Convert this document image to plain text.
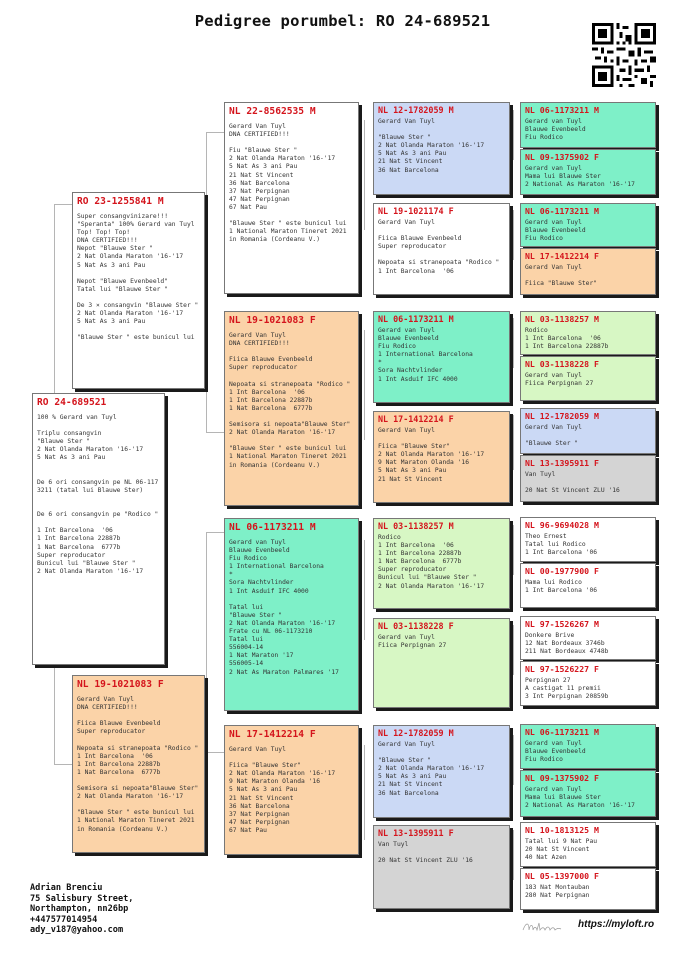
Pedigree porumbel: RO 24-689521
RO 24-689521
100 % Gerard van Tuyl

Triplu consangvin
"Blauwe Ster "
2 Nat Olanda Maraton '16-'17
5 Nat As 3 ani Pau

De 6 ori consangvin pe NL 06-117
3211 (tatal lui Blauwe Ster)

De 6 ori consangvin pe "Rodico "

1 Int Barcelona  '06
1 Int Barcelona 22887b
1 Nat Barcelona  6777b
Super reproducator
Bunicul lui "Blauwe Ster "
2 Nat Olanda Maraton '16-'17
RO 23-1255841 M
Super consangvinizare!!!
"Speranta" 100% Gerard van Tuyl
Top! Top! Top!
DNA CERTIFIED!!!
Nepot "Blauwe Ster "
2 Nat Olanda Maraton '16-'17
5 Nat As 3 ani Pau

Nepot "Blauwe Evenbeeld"
Tatal lui "Blauwe Ster "

De 3 × consangvin "Blauwe Ster "
2 Nat Olanda Maraton '16-'17
5 Nat As 3 ani Pau

"Blauwe Ster " este bunicul lui
NL 19-1021083 F
Gerard Van Tuyl
DNA CERTIFIED!!!

Fiica Blauwe Evenbeeld
Super reproducator

Nepoata si stranepoata "Rodico "
1 Int Barcelona  '06
1 Int Barcelona 22887b
1 Nat Barcelona  6777b

Semisora si nepoata"Blauwe Ster"
2 Nat Olanda Maraton '16-'17

"Blauwe Ster " este bunicul lui
1 National Maraton Tineret 2021
in Romania (Cordeanu V.)
NL 22-8562535 M
Gerard Van Tuyl
DNA CERTIFIED!!!

Fiu "Blauwe Ster "
2 Nat Olanda Maraton '16-'17
5 Nat As 3 ani Pau
21 Nat St Vincent
36 Nat Barcelona
37 Nat Perpignan
47 Nat Perpignan
67 Nat Pau

"Blauwe Ster " este bunicul lui
1 National Maraton Tineret 2021
in Romania (Cordeanu V.)
NL 19-1021083 F
Gerard Van Tuyl
DNA CERTIFIED!!!

Fiica Blauwe Evenbeeld
Super reproducator

Nepoata si stranepoata "Rodico "
1 Int Barcelona  '06
1 Int Barcelona 22887b
1 Nat Barcelona  6777b

Semisora si nepoata"Blauwe Ster"
2 Nat Olanda Maraton '16-'17

"Blauwe Ster " este bunicul lui
1 National Maraton Tineret 2021
in Romania (Cordeanu V.)
NL 06-1173211 M
Gerard van Tuyl
Blauwe Evenbeeld
Fiu Rodico
1 International Barcelona
*
Sora Nachtvlinder
1 Int Asduif IFC 4000

Tatal lui
"Blauwe Ster "
2 Nat Olanda Maraton '16-'17
Frate cu NL 06-1173210
Tatal lui
556004-14
1 Nat Maraton '17
556005-14
2 Nat As Maraton Palmares '17
NL 17-1412214 F
Gerard Van Tuyl

Fiica "Blauwe Ster"
2 Nat Olanda Maraton '16-'17
9 Nat Maraton Olanda '16
5 Nat As 3 ani Pau
21 Nat St Vincent
36 Nat Barcelona
37 Nat Perpignan
47 Nat Perpignan
67 Nat Pau
NL 12-1782059 M
Gerard Van Tuyl

"Blauwe Ster "
2 Nat Olanda Maraton '16-'17
5 Nat As 3 ani Pau
21 Nat St Vincent
36 Nat Barcelona
NL 19-1021174 F
Gerard Van Tuyl

Fiica Blauwe Evenbeeld
Super reproducator

Nepoata si stranepoata "Rodico "
1 Int Barcelona  '06
NL 06-1173211 M
Gerard van Tuyl
Blauwe Evenbeeld
Fiu Rodico
1 International Barcelona
*
Sora Nachtvlinder
1 Int Asduif IFC 4000
NL 17-1412214 F
Gerard Van Tuyl

Fiica "Blauwe Ster"
2 Nat Olanda Maraton '16-'17
9 Nat Maraton Olanda '16
5 Nat As 3 ani Pau
21 Nat St Vincent
NL 03-1138257 M
Rodico
1 Int Barcelona  '06
1 Int Barcelona 22887b
1 Nat Barcelona  6777b
Super reproducator
Bunicul lui "Blauwe Ster "
2 Nat Olanda Maraton '16-'17
NL 03-1138228 F
Gerard van Tuyl
Fiica Perpignan 27
NL 12-1782059 M
Gerard Van Tuyl

"Blauwe Ster "
2 Nat Olanda Maraton '16-'17
5 Nat As 3 ani Pau
21 Nat St Vincent
36 Nat Barcelona
NL 13-1395911 F
Van Tuyl

20 Nat St Vincent ZLU '16
NL 06-1173211 M
Gerard van Tuyl
Blauwe Evenbeeld
Fiu Rodico
NL 09-1375902 F
Gerard van Tuyl
Mama lui Blauwe Ster
2 National As Maraton '16-'17
NL 06-1173211 M
Gerard van Tuyl
Blauwe Evenbeeld
Fiu Rodico
NL 17-1412214 F
Gerard Van Tuyl

Fiica "Blauwe Ster"
NL 03-1138257 M
Rodico
1 Int Barcelona  '06
1 Int Barcelona 22887b
NL 03-1138228 F
Gerard van Tuyl
Fiica Perpignan 27
NL 12-1782059 M
Gerard Van Tuyl

"Blauwe Ster "
NL 13-1395911 F
Van Tuyl

20 Nat St Vincent ZLU '16
NL 96-9694028 M
Theo Ernest
Tatal lui Rodico
1 Int Barcelona '06
NL 00-1977900 F
Mama lui Rodico
1 Int Barcelona '06
NL 97-1526267 M
Donkere Brive
12 Nat Bordeaux 3746b
211 Nat Bordeaux 4748b
NL 97-1526227 F
Perpignan 27
A castigat 11 premii
3 Int Perpignan 20859b
NL 06-1173211 M
Gerard van Tuyl
Blauwe Evenbeeld
Fiu Rodico
NL 09-1375902 F
Gerard van Tuyl
Mama lui Blauwe Ster
2 National As Maraton '16-'17
NL 10-1813125 M
Tatal lui 9 Nat Pau
20 Nat St Vincent
40 Nat Azen
NL 05-1397000 F
183 Nat Montauban
280 Nat Perpignan
Adrian Brenciu
75 Salisbury Street,
Northampton, nn26bp
+447577014954
ady_v187@yahoo.com
https://myloft.ro
